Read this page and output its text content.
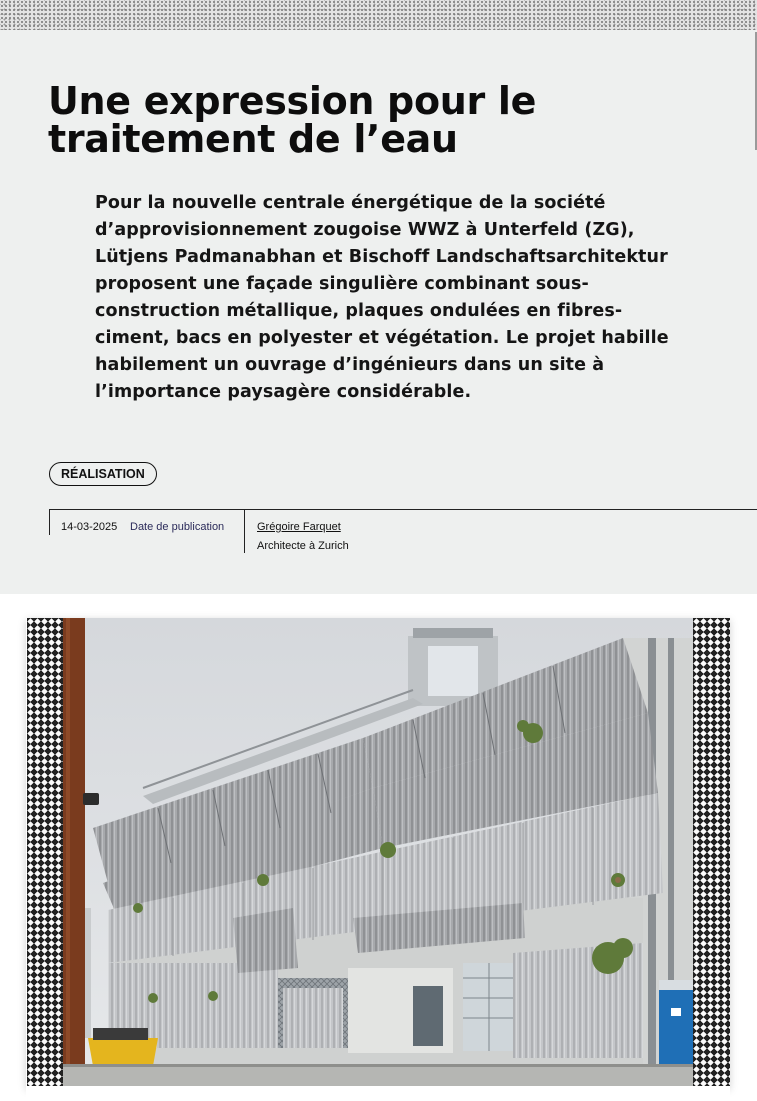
Une expression pour le traitement de l’eau

Pour la nouvelle centrale énergétique de la société d’approvisionnement zougoise WWZ à Unterfeld (ZG), Lütjens Padmanabhan et Bischoff Landschaftsarchitektur proposent une façade singulière combinant sous-construction métallique, plaques ondulées en fibres-ciment, bacs en polyester et végétation. Le projet habille habilement un ouvrage d’ingénieurs dans un site à l’importance paysagère considérable.

RÉALISATION
14-03-2025 Date de publication	Grégoire Farquet
Architecte à Zurich
